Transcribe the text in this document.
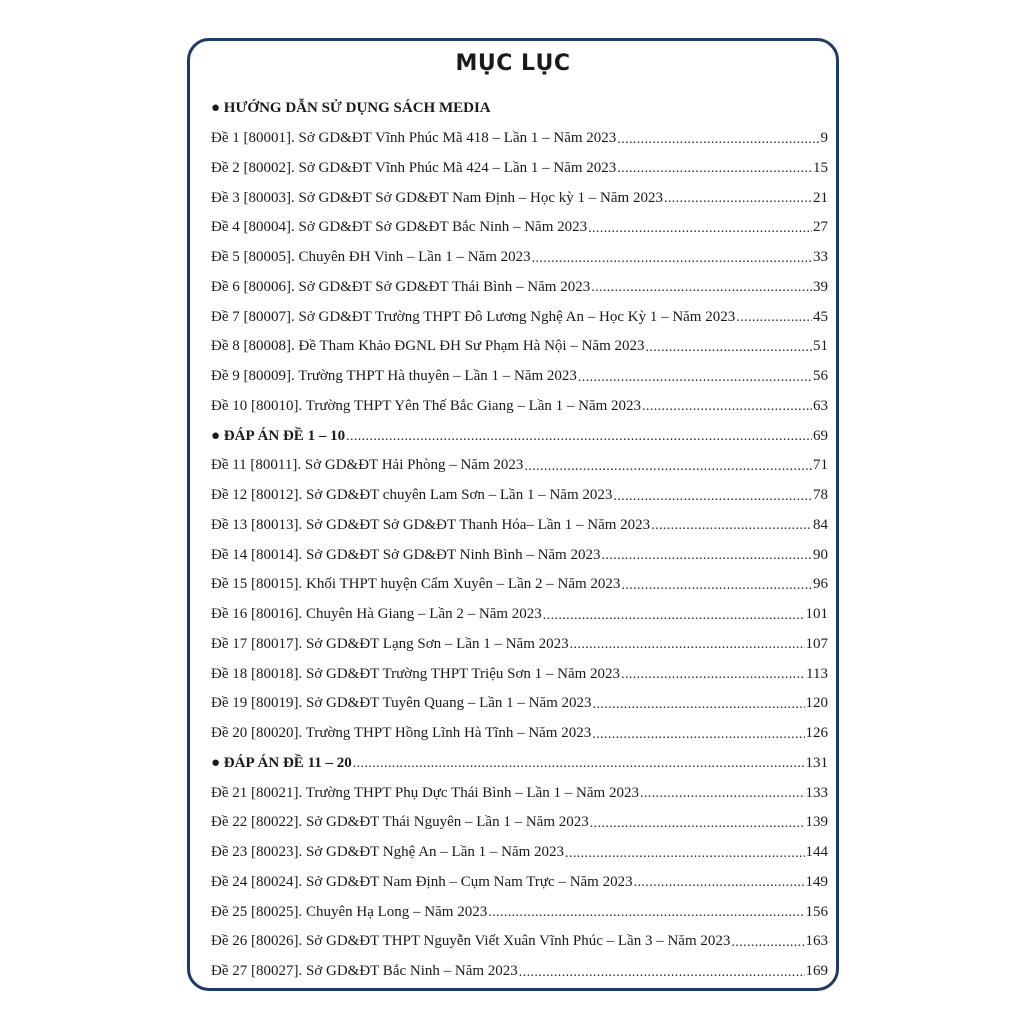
MỤC LỤC
● HƯỚNG DẪN SỬ DỤNG SÁCH MEDIA
Đề 1 [80001]. Sở GD&ĐT Vĩnh Phúc Mã 418 – Lần 1 – Năm 2023 .....	9
Đề 2 [80002]. Sở GD&ĐT Vĩnh Phúc Mã 424 – Lần 1 – Năm 2023 .....	15
Đề 3 [80003]. Sở GD&ĐT Sở GD&ĐT Nam Định – Học kỳ 1 – Năm 2023 .....	21
Đề 4 [80004]. Sở GD&ĐT Sở GD&ĐT Bắc Ninh – Năm 2023 .....	27
Đề 5 [80005]. Chuyên ĐH Vinh – Lần 1 – Năm 2023 .....	33
Đề 6 [80006]. Sở GD&ĐT Sở GD&ĐT Thái Bình – Năm 2023 .....	39
Đề 7 [80007]. Sở GD&ĐT Trường THPT Đô Lương Nghệ An – Học Kỳ 1 – Năm 2023 .....	45
Đề 8 [80008]. Đề Tham Khảo ĐGNL ĐH Sư Phạm Hà Nội – Năm 2023 .....	51
Đề 9 [80009]. Trường THPT Hà thuyên – Lần 1 – Năm 2023 .....	56
Đề 10 [80010]. Trường THPT Yên Thế Bắc Giang – Lần 1 – Năm 2023 .....	63
● ĐÁP ÁN ĐỀ 1 – 10 .....	69
Đề 11 [80011]. Sở GD&ĐT Hải Phòng – Năm 2023 .....	71
Đề 12 [80012]. Sở GD&ĐT chuyên Lam Sơn – Lần 1 – Năm 2023 .....	78
Đề 13 [80013]. Sở GD&ĐT Sở GD&ĐT Thanh Hóa– Lần 1 – Năm 2023 .....	84
Đề 14 [80014]. Sở GD&ĐT Sở GD&ĐT Ninh Bình – Năm 2023 .....	90
Đề 15 [80015]. Khối THPT huyện Cẩm Xuyên – Lần 2 – Năm 2023 .....	96
Đề 16 [80016]. Chuyên Hà Giang – Lần 2 – Năm 2023 .....	101
Đề 17 [80017]. Sở GD&ĐT Lạng Sơn – Lần 1 – Năm 2023 .....	107
Đề 18 [80018]. Sở GD&ĐT Trường THPT Triệu Sơn 1 – Năm 2023 .....	113
Đề 19 [80019]. Sở GD&ĐT Tuyên Quang – Lần 1 – Năm 2023 .....	120
Đề 20 [80020]. Trường THPT Hồng Lĩnh Hà Tĩnh – Năm 2023 .....	126
● ĐÁP ÁN ĐỀ 11 – 20 .....	131
Đề 21 [80021]. Trường THPT Phụ Dực Thái Bình – Lần 1 – Năm 2023 .....	133
Đề 22 [80022]. Sở GD&ĐT Thái Nguyên – Lần 1 – Năm 2023 .....	139
Đề 23 [80023]. Sở GD&ĐT Nghệ An – Lần 1 – Năm 2023 .....	144
Đề 24 [80024]. Sở GD&ĐT Nam Định – Cụm Nam Trực – Năm 2023 .....	149
Đề 25 [80025]. Chuyên Hạ Long – Năm 2023 .....	156
Đề 26 [80026]. Sở GD&ĐT THPT Nguyễn Viết Xuân Vĩnh Phúc – Lần 3 – Năm 2023 .....	163
Đề 27 [80027]. Sở GD&ĐT Bắc Ninh – Năm 2023 .....	169
